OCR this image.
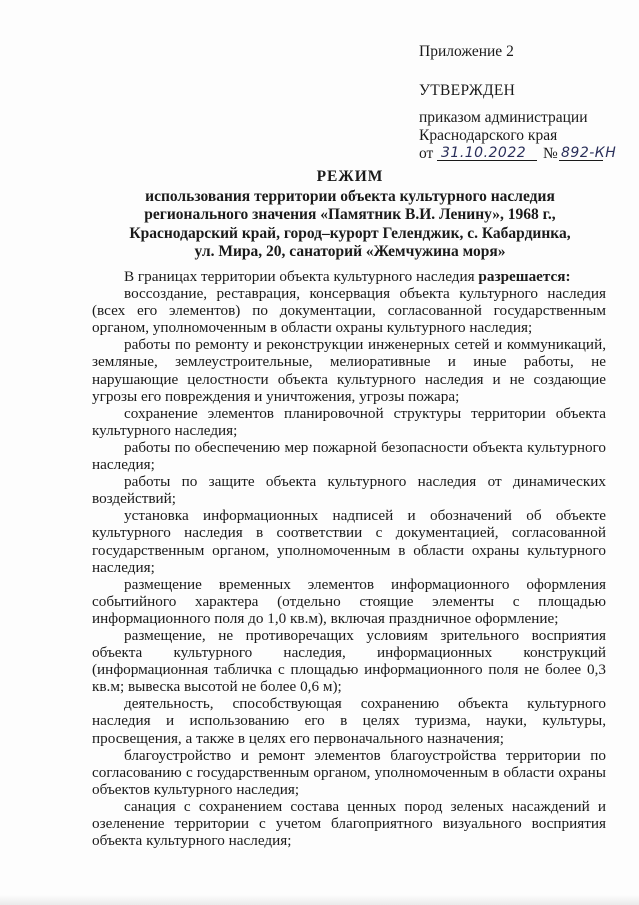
Приложение 2
УТВЕРЖДЕН
приказом администрации
Краснодарского края
от 31.10.2022 № 892-КН
РЕЖИМ
использования территории объекта культурного наследия
регионального значения «Памятник В.И. Ленину», 1968 г.,
Краснодарский край, город–курорт Геленджик, с. Кабардинка,
ул. Мира, 20, санаторий «Жемчужина моря»

В границах территории объекта культурного наследия разрешается:

воссоздание, реставрация, консервация объекта культурного наследия (всех его элементов) по документации, согласованной государственным органом, уполномоченным в области охраны культурного наследия;

работы по ремонту и реконструкции инженерных сетей и коммуникаций, земляные, землеустроительные, мелиоративные и иные работы, не нарушающие целостности объекта культурного наследия и не создающие угрозы его повреждения и уничтожения, угрозы пожара;

сохранение элементов планировочной структуры территории объекта культурного наследия;

работы по обеспечению мер пожарной безопасности объекта культурного наследия;

работы по защите объекта культурного наследия от динамических воздействий;

установка информационных надписей и обозначений об объекте культурного наследия в соответствии с документацией, согласованной государственным органом, уполномоченным в области охраны культурного наследия;

размещение временных элементов информационного оформления событийного характера (отдельно стоящие элементы с площадью информационного поля до 1,0 кв.м), включая праздничное оформление;

размещение, не противоречащих условиям зрительного восприятия объекта культурного наследия, информационных конструкций (информационная табличка с площадью информационного поля не более 0,3 кв.м; вывеска высотой не более 0,6 м);

деятельность, способствующая сохранению объекта культурного наследия и использованию его в целях туризма, науки, культуры, просвещения, а также в целях его первоначального назначения;

благоустройство и ремонт элементов благоустройства территории по согласованию с государственным органом, уполномоченным в области охраны объектов культурного наследия;

санация с сохранением состава ценных пород зеленых насаждений и озеленение территории с учетом благоприятного визуального восприятия объекта культурного наследия;
